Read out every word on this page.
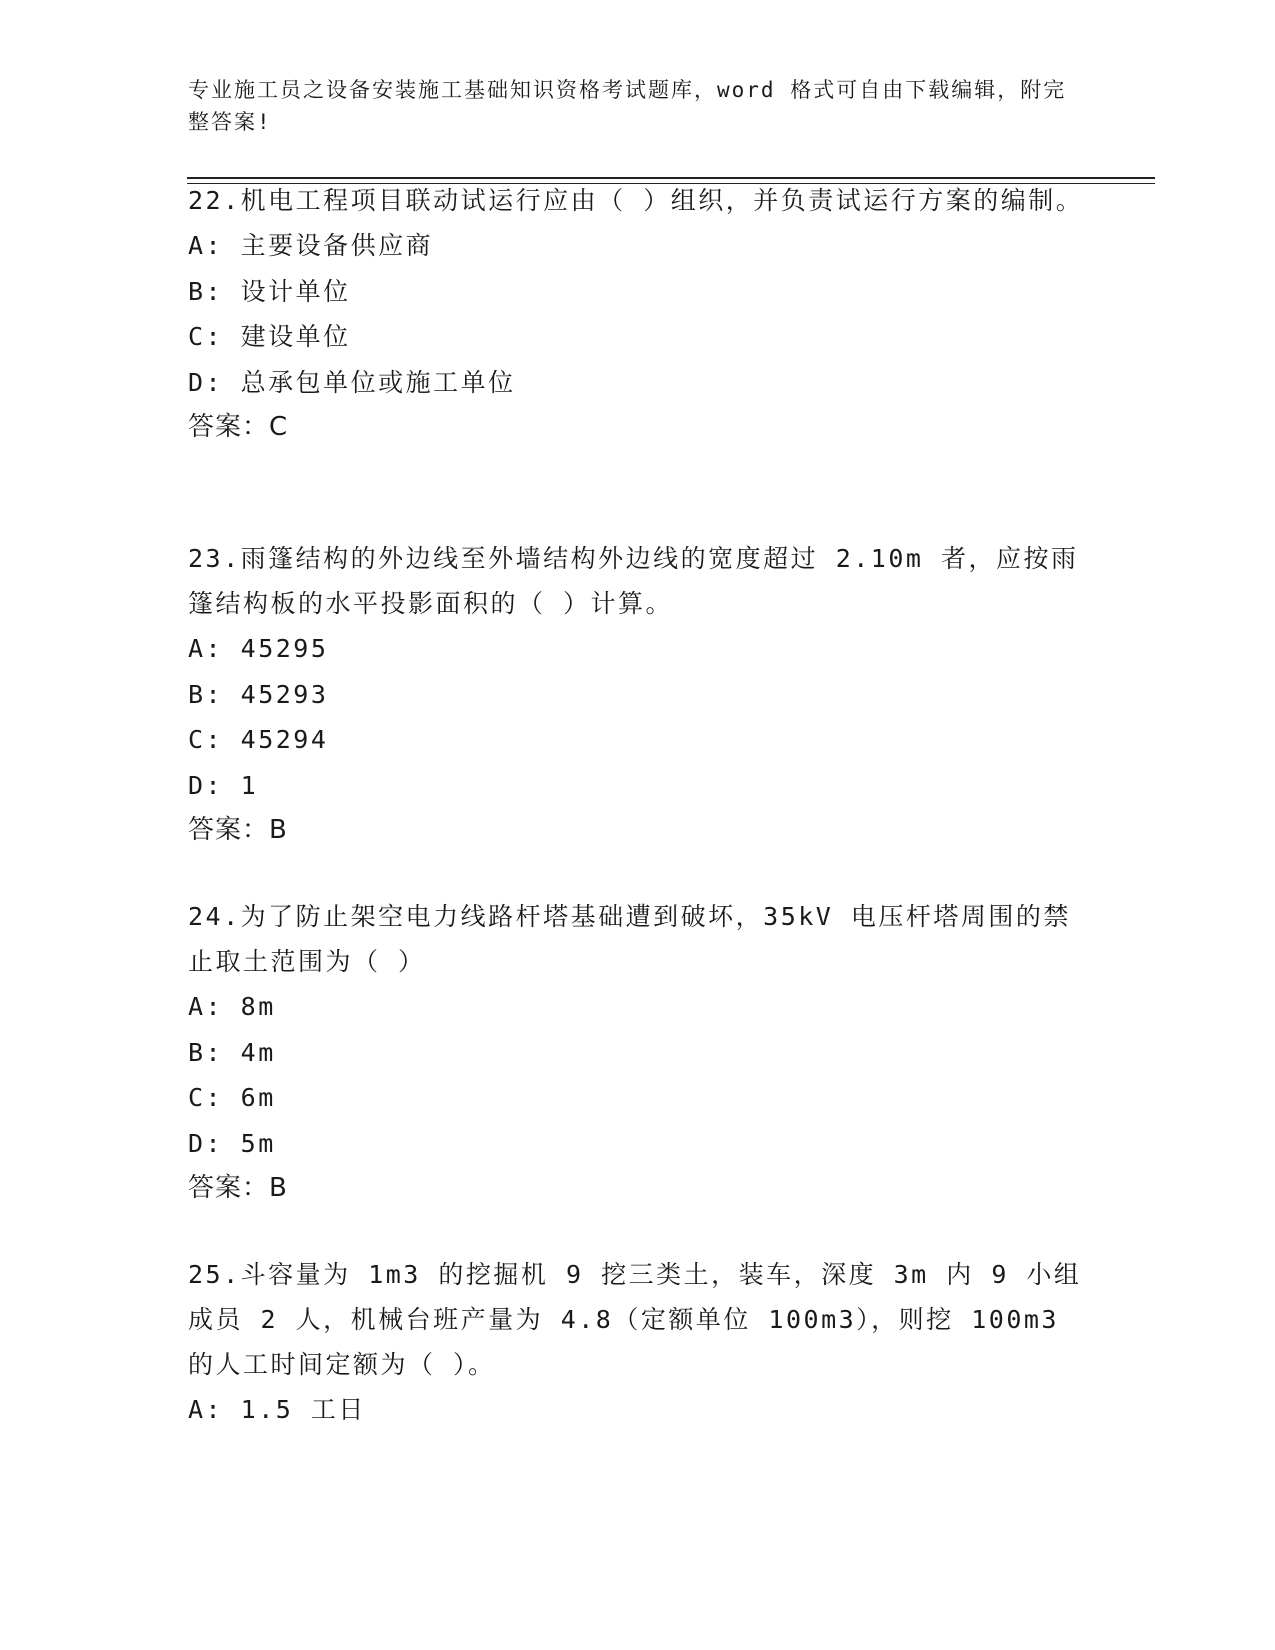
专业施工员之设备安装施工基础知识资格考试题库，word 格式可自由下载编辑，附完整答案!
22.机电工程项目联动试运行应由（ ）组织，并负责试运行方案的编制。
A: 主要设备供应商
B: 设计单位
C: 建设单位
D: 总承包单位或施工单位
答案：C
23.雨篷结构的外边线至外墙结构外边线的宽度超过 2.10m 者，应按雨篷结构板的水平投影面积的（ ）计算。
A: 45295
B: 45293
C: 45294
D: 1
答案：B
24.为了防止架空电力线路杆塔基础遭到破坏，35kV 电压杆塔周围的禁止取土范围为（ ）
A: 8m
B: 4m
C: 6m
D: 5m
答案：B
25.斗容量为 1m3 的挖掘机 9 挖三类土，装车，深度 3m 内 9 小组成员 2 人，机械台班产量为 4.8（定额单位 100m3），则挖 100m3 的人工时间定额为（ ）。
A: 1.5 工日
